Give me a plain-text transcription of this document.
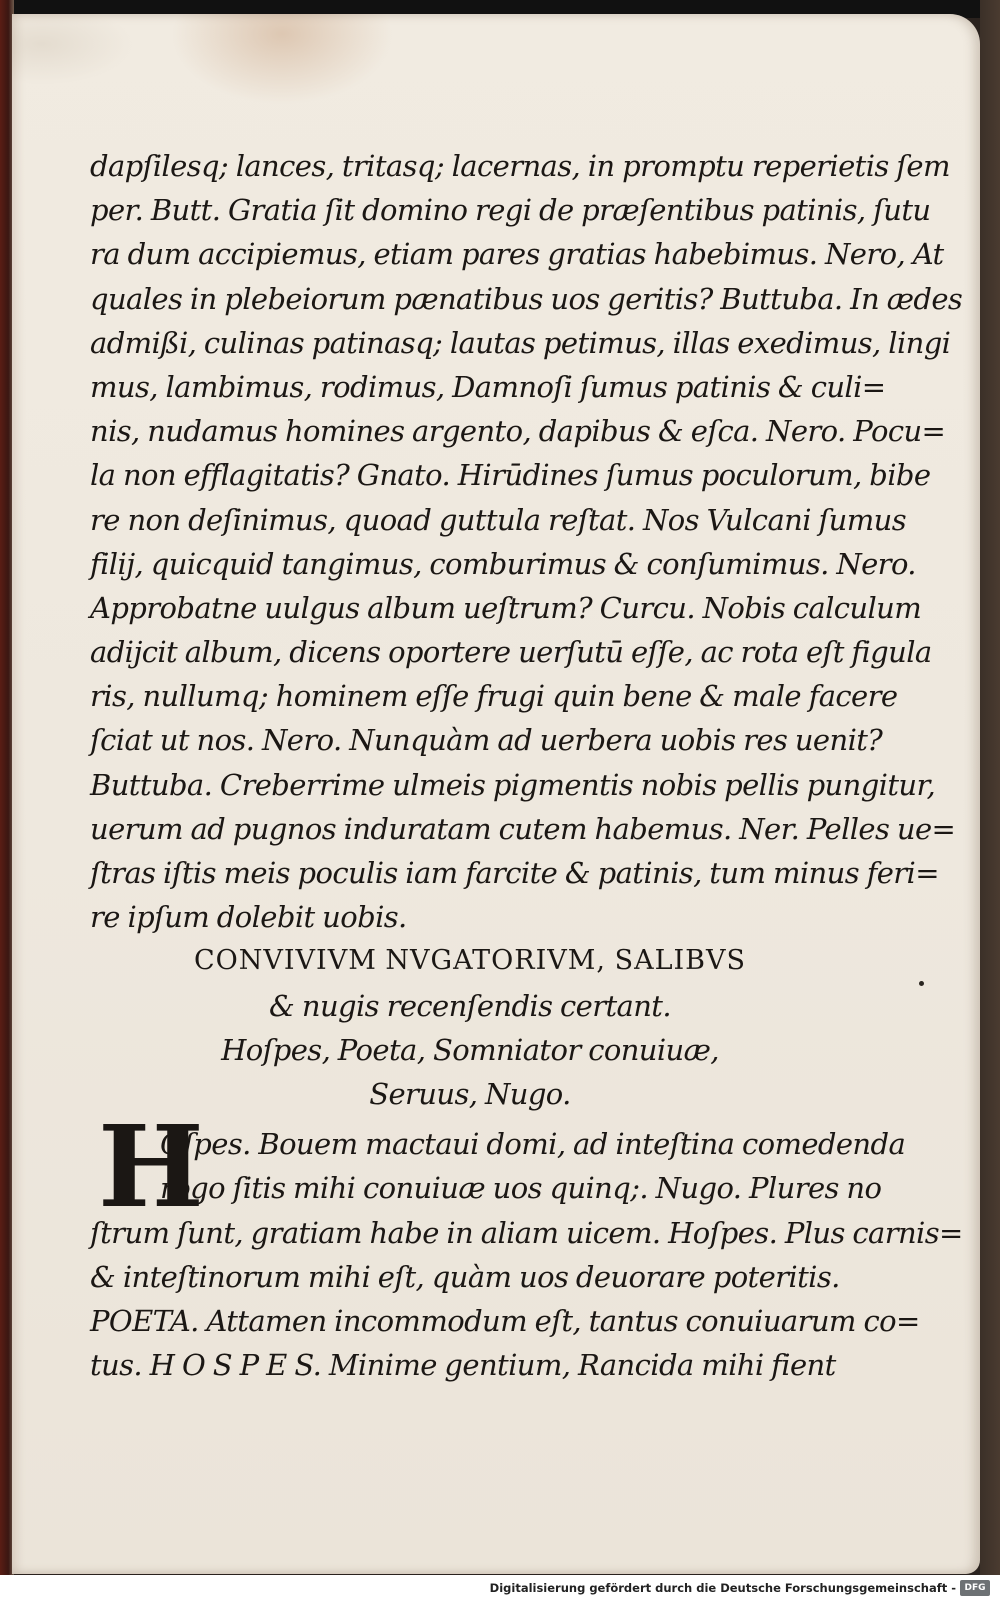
dapſilesq; lances, tritasq; lacernas, in promptu reperietis ſem
per. Butt. Gratia ſit domino regi de præſentibus patinis, ſutu
ra dum accipiemus, etiam pares gratias habebimus. Nero, At
quales in plebeiorum pænatibus uos geritis? Buttuba. In ædes
admißi, culinas patinasq; lautas petimus, illas exedimus, lingi
mus, lambimus, rodimus, Damnoſi ſumus patinis & culi=
nis, nudamus homines argento, dapibus & eſca. Nero. Pocu=
la non efflagitatis? Gnato. Hirūdines ſumus poculorum, bibe
re non deſinimus, quoad guttula reſtat. Nos Vulcani ſumus
filij, quicquid tangimus, comburimus & conſumimus. Nero.
Approbatne uulgus album ueſtrum? Curcu. Nobis calculum
adijcit album, dicens oportere uerſutū eſſe, ac rota eſt figula
ris, nullumq; hominem eſſe frugi quin bene & male facere
ſciat ut nos. Nero. Nunquàm ad uerbera uobis res uenit?
Buttuba. Creberrime ulmeis pigmentis nobis pellis pungitur,
uerum ad pugnos induratam cutem habemus. Ner. Pelles ue=
ſtras iſtis meis poculis iam farcite & patinis, tum minus feri=
re ipſum dolebit uobis.
CONVIVIVM NVGATORIVM, SALIBVS
& nugis recenſendis certant.
Hoſpes, Poeta, Somniator conuiuæ,
Seruus, Nugo.
H
Oſpes. Bouem mactaui domi, ad inteſtina comedenda
rogo ſitis mihi conuiuæ uos quinq;. Nugo. Plures no
ſtrum ſunt, gratiam habe in aliam uicem. Hoſpes. Plus carnis=
& inteſtinorum mihi eſt, quàm uos deuorare poteritis.
POETA. Attamen incommodum eſt, tantus conuiuarum co=
tus. H O S P E S. Minime gentium, Rancida mihi fient
Digitalisierung gefördert durch die Deutsche Forschungsgemeinschaft - DFG
